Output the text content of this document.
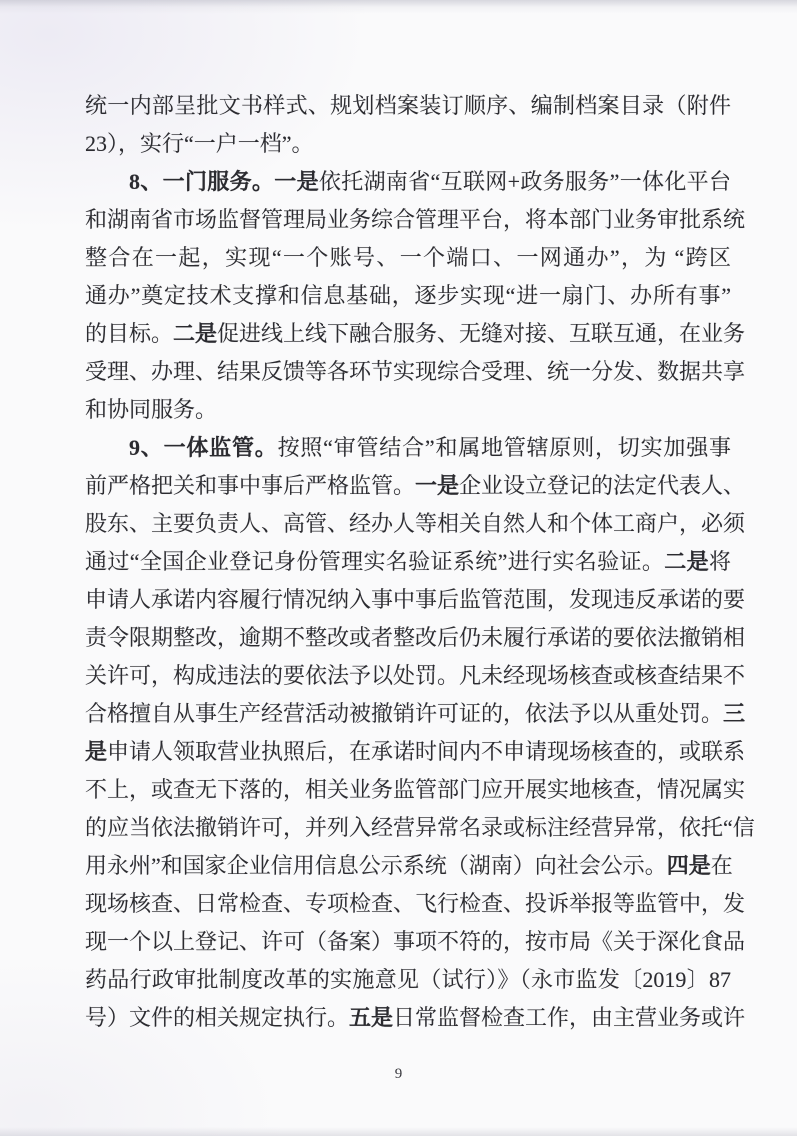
统一内部呈批文书样式、规划档案装订顺序、编制档案目录（附件
23），实行“一户一档”。
8、一门服务。一是依托湖南省“互联网+政务服务”一体化平台
和湖南省市场监督管理局业务综合管理平台，将本部门业务审批系统
整合在一起，实现“一个账号、一个端口、一网通办”，为 “跨区
通办”奠定技术支撑和信息基础，逐步实现“进一扇门、办所有事”
的目标。二是促进线上线下融合服务、无缝对接、互联互通，在业务
受理、办理、结果反馈等各环节实现综合受理、统一分发、数据共享
和协同服务。
9、一体监管。按照“审管结合”和属地管辖原则，切实加强事
前严格把关和事中事后严格监管。一是企业设立登记的法定代表人、
股东、主要负责人、高管、经办人等相关自然人和个体工商户，必须
通过“全国企业登记身份管理实名验证系统”进行实名验证。二是将
申请人承诺内容履行情况纳入事中事后监管范围，发现违反承诺的要
责令限期整改，逾期不整改或者整改后仍未履行承诺的要依法撤销相
关许可，构成违法的要依法予以处罚。凡未经现场核查或核查结果不
合格擅自从事生产经营活动被撤销许可证的，依法予以从重处罚。三
是申请人领取营业执照后，在承诺时间内不申请现场核查的，或联系
不上，或查无下落的，相关业务监管部门应开展实地核查，情况属实
的应当依法撤销许可，并列入经营异常名录或标注经营异常，依托“信
用永州”和国家企业信用信息公示系统（湖南）向社会公示。四是在
现场核查、日常检查、专项检查、飞行检查、投诉举报等监管中，发
现一个以上登记、许可（备案）事项不符的，按市局《关于深化食品
药品行政审批制度改革的实施意见（试行）》（永市监发〔2019〕87
号）文件的相关规定执行。五是日常监督检查工作，由主营业务或许
9
